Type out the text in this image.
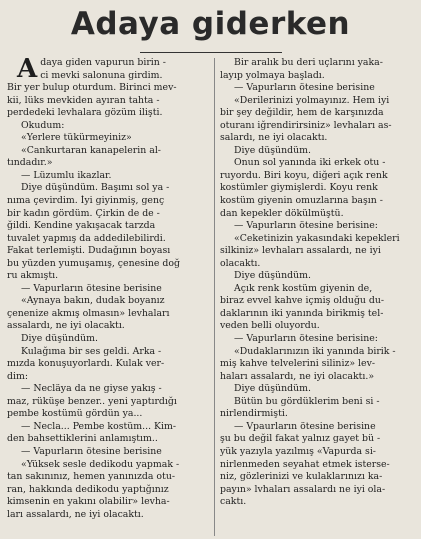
Adaya giderken
A daya giden vapurun birin -

ci mevki salonuna girdim.

Bir yer bulup oturdum. Birinci mev-

kii, lüks mevkiden ayıran tahta -

perdedeki levhalara gözüm ilişti.

Okudum:

«Yerlere tükürmeyiniz»

«Cankurtaran kanapelerin al-

tındadır.»

— Lüzumlu ikazlar.

Diye düşündüm. Başımı sol ya -

nıma çevirdim. İyi giyinmiş, genç

bir kadın gördüm. Çirkin de de -

ğildi. Kendine yakışacak tarzda

tuvalet yapmış da addedilebilirdi.

Fakat terlemişti. Dudağının boyası

bu yüzden yumuşamış, çenesine doğ

ru akmıştı.

— Vapurların ötesine berisine

«Aynaya bakın, dudak boyanız

çenenize akmış olmasın» levhaları

assalardı, ne iyi olacaktı.

Diye düşündüm.

Kulağıma bir ses geldi. Arka -

mızda konuşuyorlardı. Kulak ver-

dim:

— Necläya da ne giyse yakış -

maz, rüküşe benzer.. yeni yaptırdığı

pembe kostümü gördün ya...

— Necla... Pembe kostüm... Kim-

den bahsettiklerini anlamıştım..

— Vapurların ötesine berisine

«Yüksek sesle dedikodu yapmak -

tan sakınınız, hemen yanınızda otu-

ran, hakkında dedikodu yaptığınız

kimsenin en yakını olabilir» levha-

ları assalardı, ne iyi olacaktı.

Bir aralık bu deri uçlarını yaka-

layıp yolmaya başladı.

— Vapurların ötesine berisine

«Derilerinizi yolmayınız. Hem iyi

bir şey değildir, hem de karşınızda

oturanı iğrendirirsiniz» levhaları as-

salardı, ne iyi olacaktı.

Diye düşündüm.

Onun sol yanında iki erkek otu -

ruyordu. Biri koyu, diğeri açık renk

kostümler giymişlerdi. Koyu renk

kostüm giyenin omuzlarına başın -

dan kepekler dökülmüştü.

— Vapurların ötesine berisine:

«Ceketinizin yakasındaki kepekleri

silkiniz» levhaları assalardı, ne iyi

olacaktı.

Diye düşündüm.

Açık renk kostüm giyenin de,

biraz evvel kahve içmiş olduğu du-

daklarının iki yanında birikmiş tel-

veden belli oluyordu.

— Vapurların ötesine berisine:

«Dudaklarınızın iki yanında birik -

miş kahve telvelerini siliniz» lev-

haları assalardı, ne iyi olacaktı.»

Diye düşündüm.

Bütün bu gördüklerim beni si -

nirlendirmişti.

— Vpaurların ötesine berisine

şu bu değil fakat yalnız gayet bü -

yük yazıyla yazılmış «Vapurda si-

nirlenmeden seyahat etmek isterse-

niz, gözlerinizi ve kulaklarınızı ka-

payın» lvhaları assalardı ne iyi ola-

caktı.
